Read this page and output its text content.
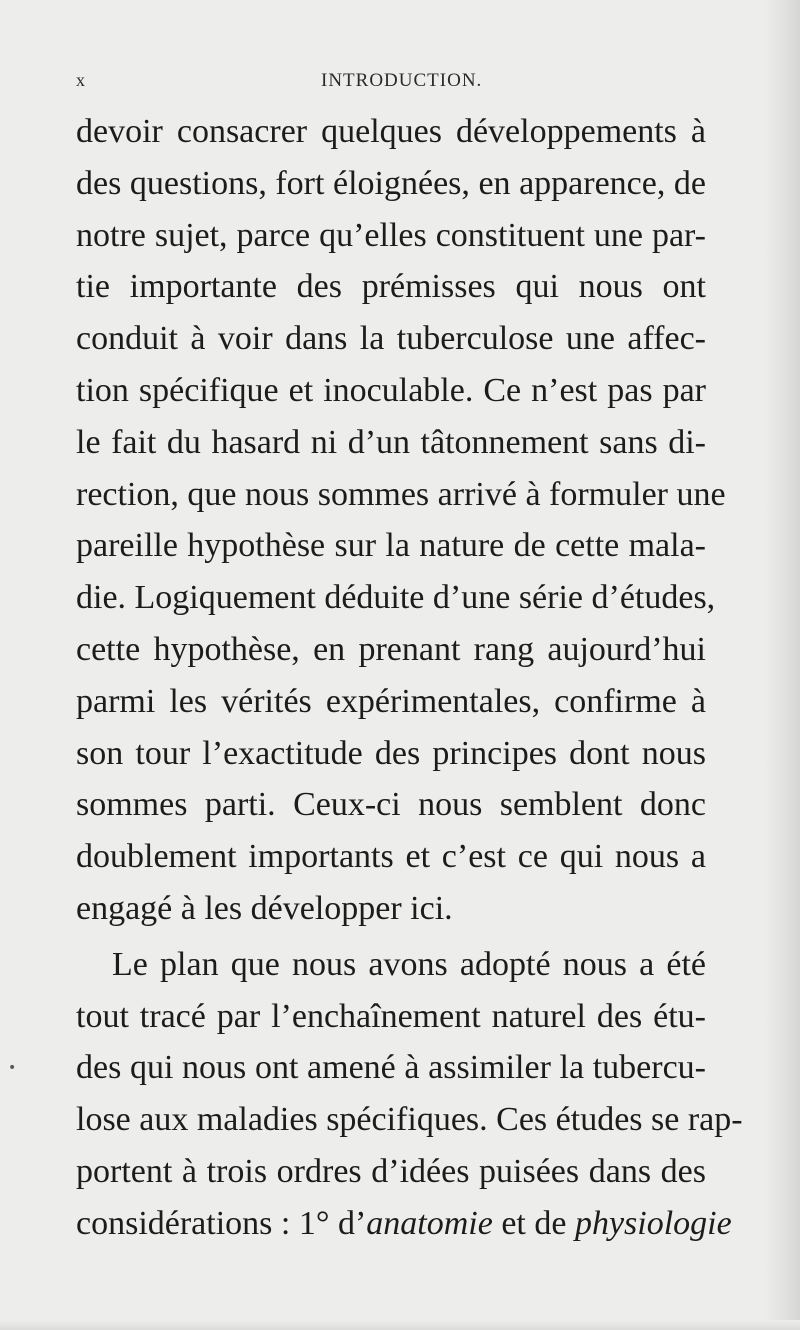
x	INTRODUCTION.
devoir consacrer quelques développements à
des questions, fort éloignées, en apparence, de
notre sujet, parce qu’elles constituent une par-
tie importante des prémisses qui nous ont
conduit à voir dans la tuberculose une affec-
tion spécifique et inoculable. Ce n’est pas par
le fait du hasard ni d’un tâtonnement sans di-
rection, que nous sommes arrivé à formuler une
pareille hypothèse sur la nature de cette mala-
die. Logiquement déduite d’une série d’études,
cette hypothèse, en prenant rang aujourd’hui
parmi les vérités expérimentales, confirme à
son tour l’exactitude des principes dont nous
sommes parti. Ceux-ci nous semblent donc
doublement importants et c’est ce qui nous a
engagé à les développer ici.
Le plan que nous avons adopté nous a été
tout tracé par l’enchaînement naturel des étu-
des qui nous ont amené à assimiler la tubercu-
lose aux maladies spécifiques. Ces études se rap-
portent à trois ordres d’idées puisées dans des
considérations : 1° d’anatomie et de physiologie
•
